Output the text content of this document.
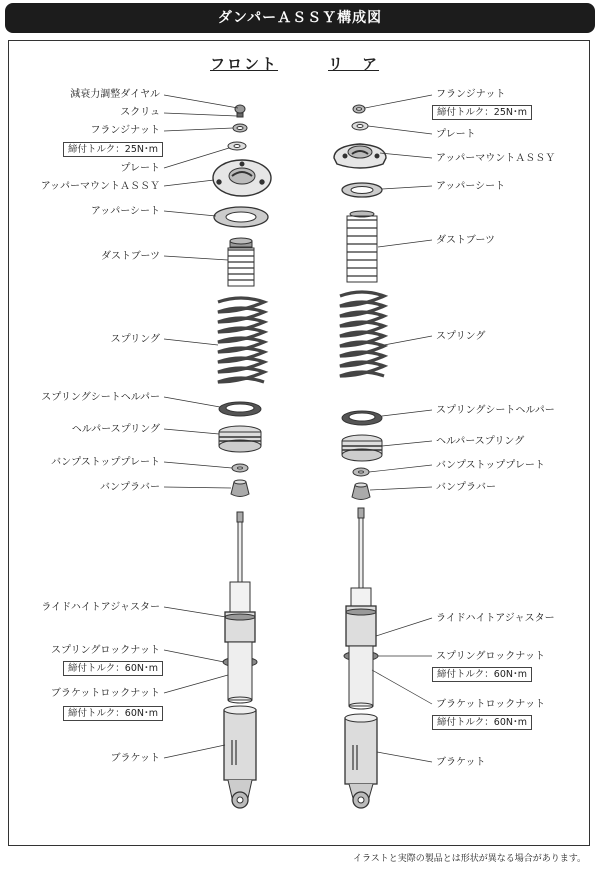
ダンパーＡＳＳＹ構成図
フロント	リ　ア
減衰力調整ダイヤル
スクリュ
フランジナット
締付トルク：25N･m
プレート
アッパーマウントＡＳＳＹ
アッパーシート
ダストブーツ
スプリング
スプリングシートヘルパー
ヘルパースプリング
バンプストッププレート
バンプラバー
ライドハイトアジャスター
スプリングロックナット
締付トルク：60N･m
ブラケットロックナット
締付トルク：60N･m
ブラケット
フランジナット
締付トルク：25N･m
プレート
アッパーマウントＡＳＳＹ
アッパーシート
ダストブーツ
スプリング
スプリングシートヘルパー
ヘルパースプリング
バンプストッププレート
バンプラバー
ライドハイトアジャスター
スプリングロックナット
締付トルク：60N･m
ブラケットロックナット
締付トルク：60N･m
ブラケット
イラストと実際の製品とは形状が異なる場合があります。
